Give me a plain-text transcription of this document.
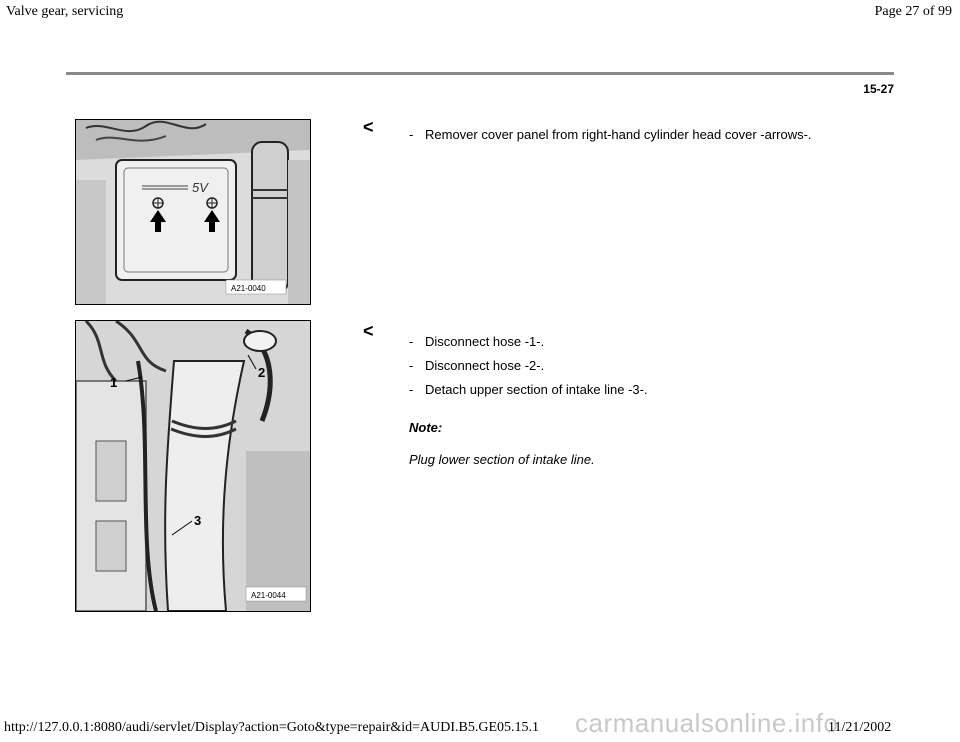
Valve gear, servicing	Page 27 of 99
15-27
5V
A21-0040
<	- Remover cover panel from right-hand cylinder head cover -arrows-.
1
2
3
A21-0044
<
- Disconnect hose -1-.
- Disconnect hose -2-.
- Detach upper section of intake line -3-.
Note:
Plug lower section of intake line.
carmanualsonline.info
http://127.0.0.1:8080/audi/servlet/Display?action=Goto&type=repair&id=AUDI.B5.GE05.15.1	11/21/2002
